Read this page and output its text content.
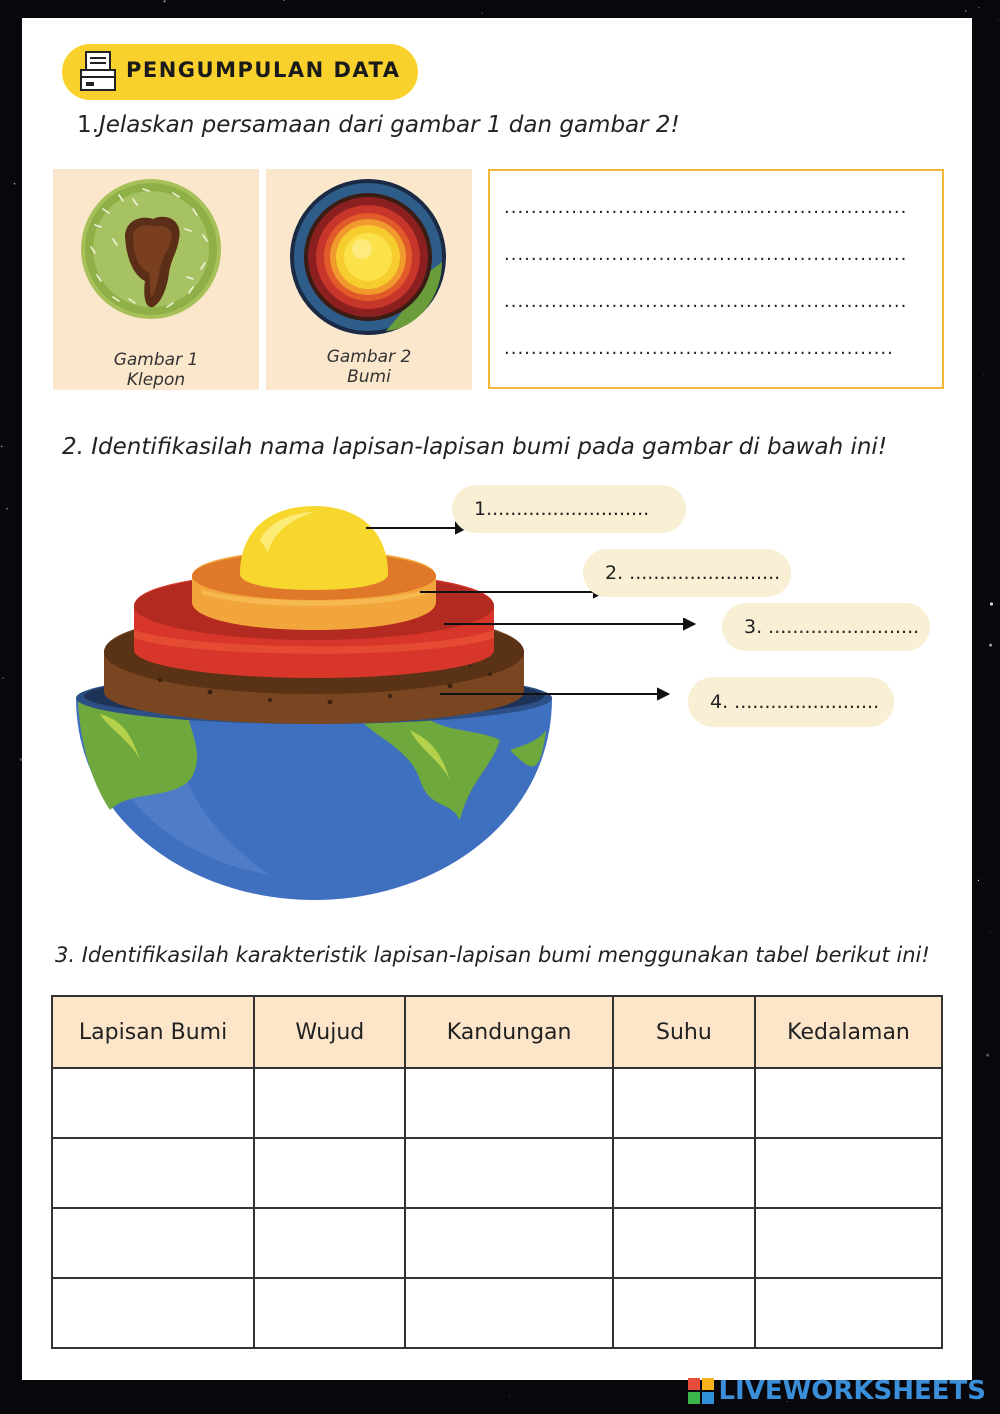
PENGUMPULAN DATA
1.Jelaskan persamaan dari gambar 1 dan gambar 2!
Gambar 1
Klepon
Gambar 2
Bumi
............................................................
............................................................
............................................................
..........................................................
2. Identifikasilah nama lapisan-lapisan bumi pada gambar di bawah ini!
1...........................
2. .........................
3. .........................
4. ........................
3. Identifikasilah karakteristik lapisan-lapisan bumi menggunakan tabel berikut ini!
Lapisan Bumi	Wujud	Kandungan	Suhu	Kedalaman

LIVEWORKSHEETS
